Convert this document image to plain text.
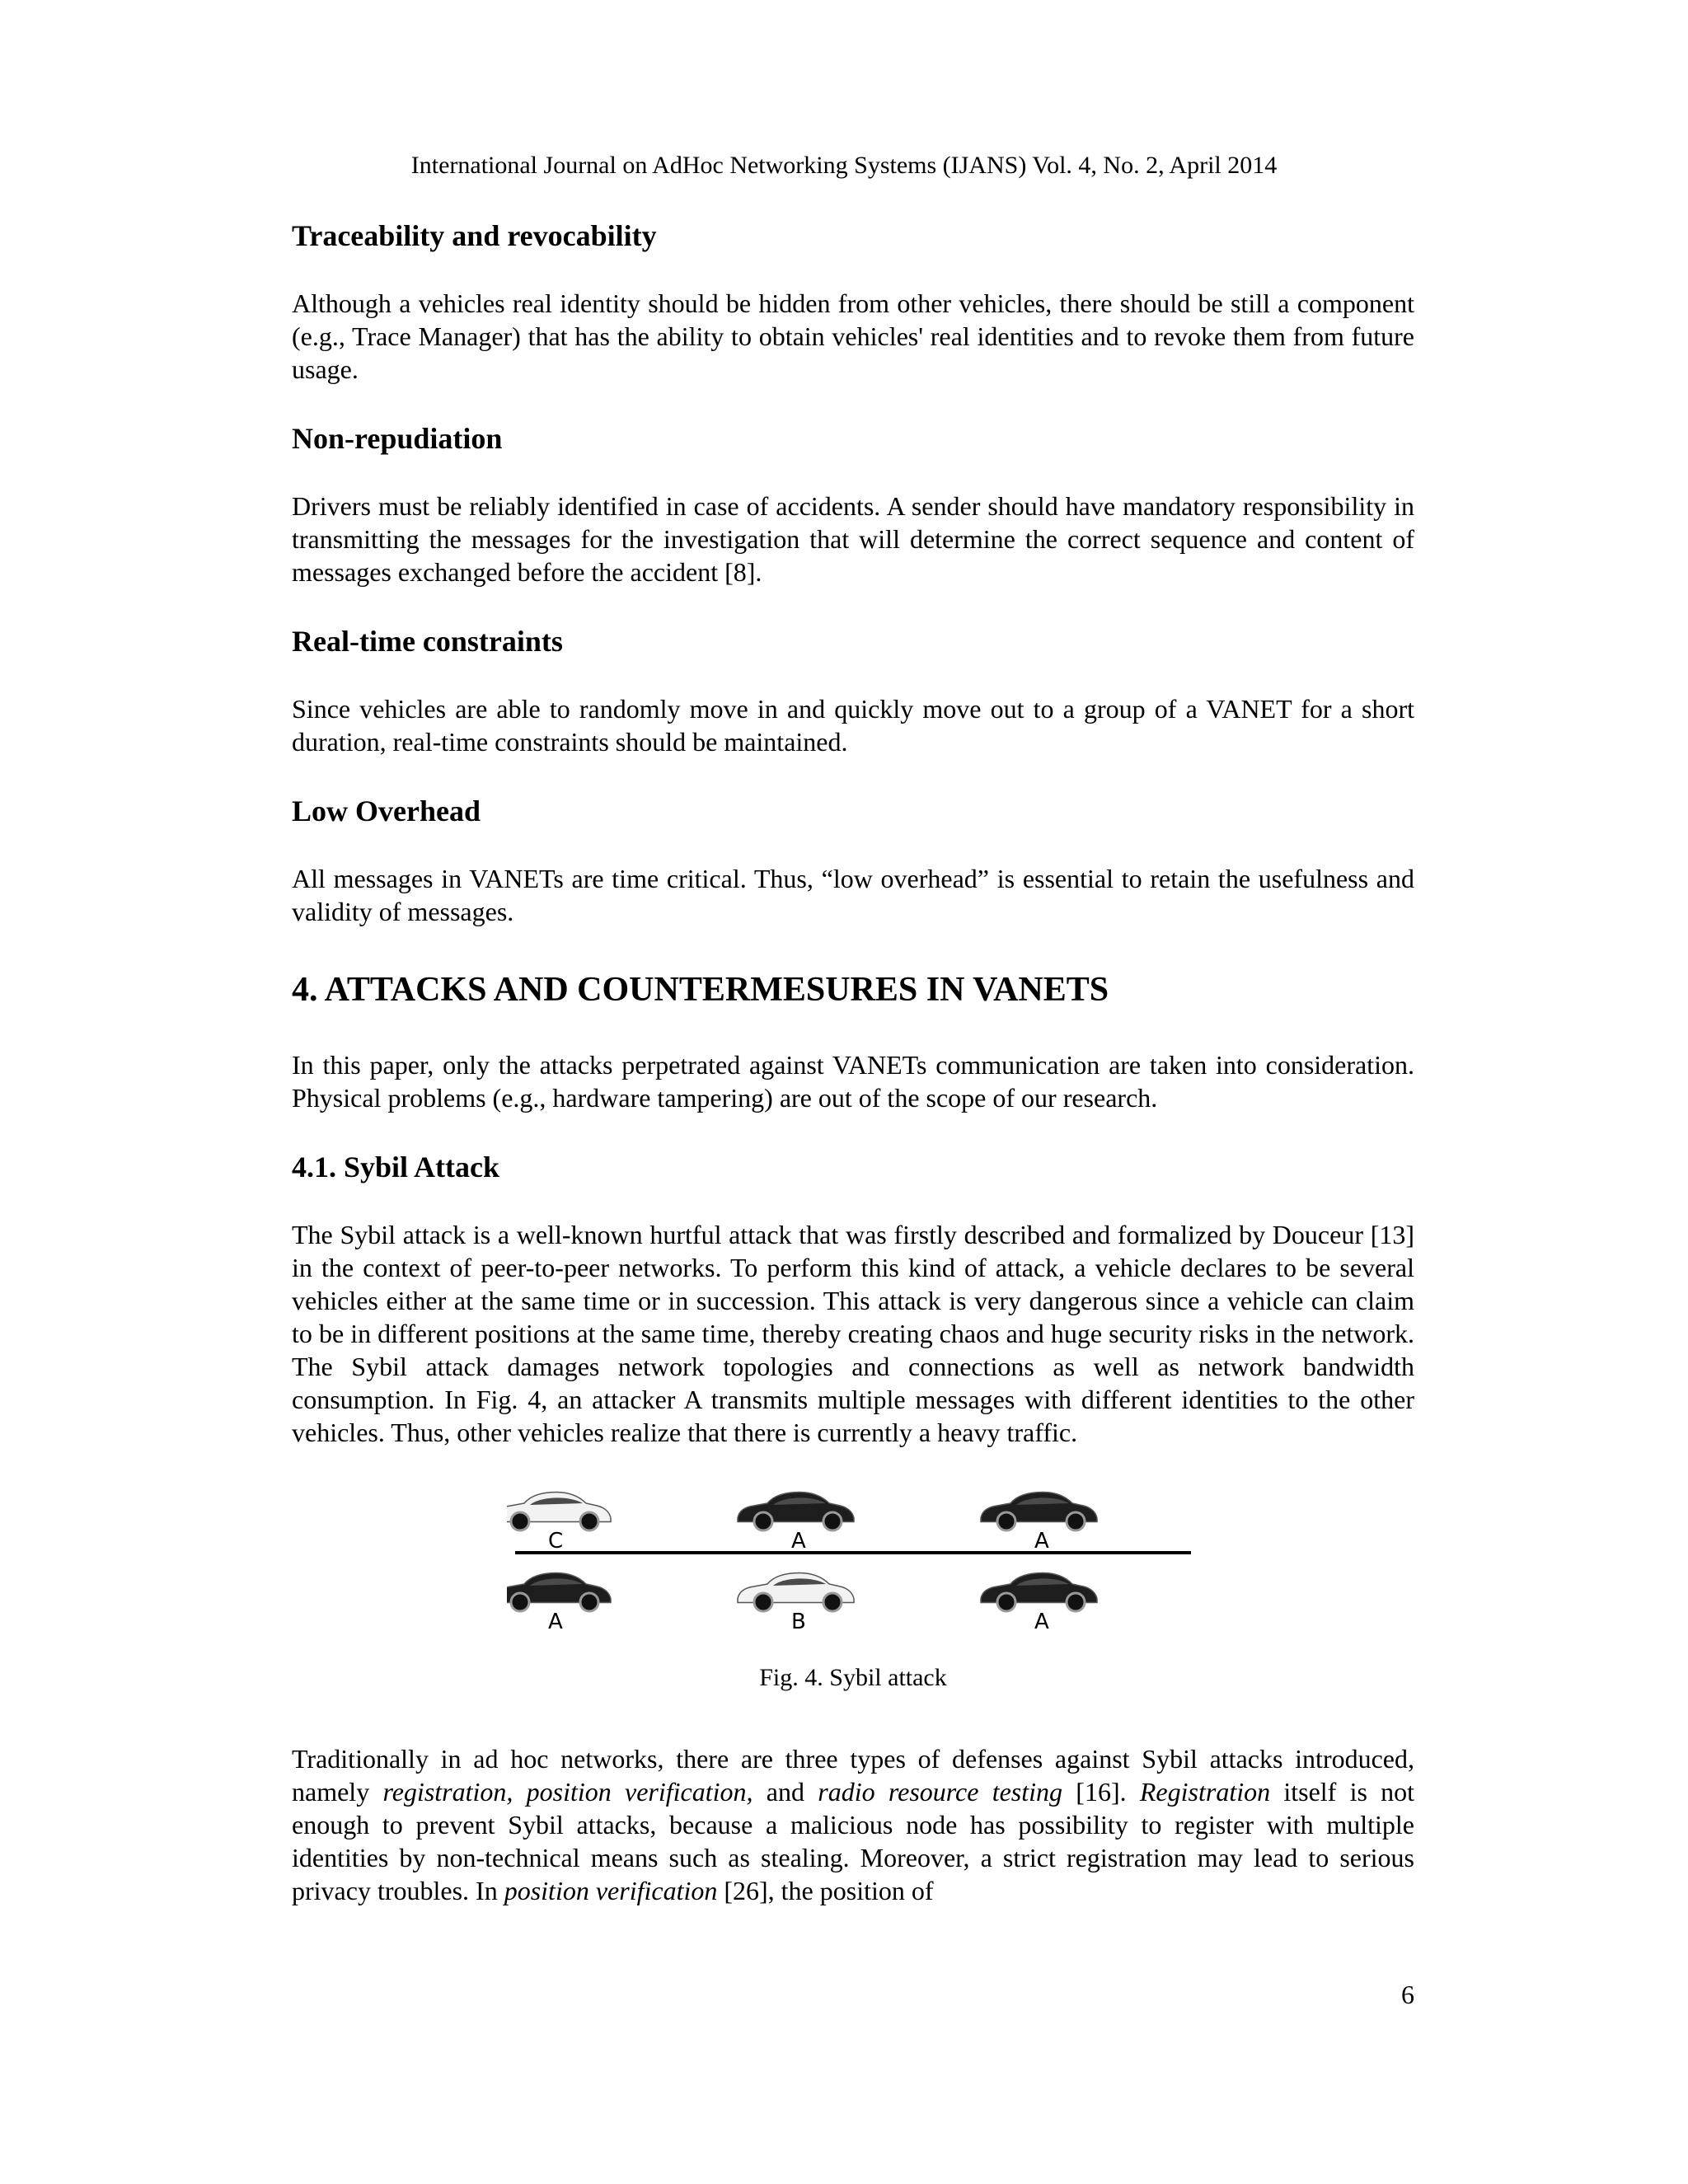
International Journal on AdHoc Networking Systems (IJANS) Vol. 4, No. 2, April 2014
Traceability and revocability

Although a vehicles real identity should be hidden from other vehicles, there should be still a component (e.g., Trace Manager) that has the ability to obtain vehicles' real identities and to revoke them from future usage.

Non-repudiation

Drivers must be reliably identified in case of accidents. A sender should have mandatory responsibility in transmitting the messages for the investigation that will determine the correct sequence and content of messages exchanged before the accident [8].

Real-time constraints

Since vehicles are able to randomly move in and quickly move out to a group of a VANET for a short duration, real-time constraints should be maintained.

Low Overhead

All messages in VANETs are time critical. Thus, “low overhead” is essential to retain the usefulness and validity of messages.

4. ATTACKS AND COUNTERMESURES IN VANETS

In this paper, only the attacks perpetrated against VANETs communication are taken into consideration. Physical problems (e.g., hardware tampering) are out of the scope of our research.

4.1. Sybil Attack

The Sybil attack is a well-known hurtful attack that was firstly described and formalized by Douceur [13] in the context of peer-to-peer networks. To perform this kind of attack, a vehicle declares to be several vehicles either at the same time or in succession. This attack is very dangerous since a vehicle can claim to be in different positions at the same time, thereby creating chaos and huge security risks in the network. The Sybil attack damages network topologies and connections as well as network bandwidth consumption. In Fig. 4, an attacker A transmits multiple messages with different identities to the other vehicles. Thus, other vehicles realize that there is currently a heavy traffic.

C	A	A
A	B	A
Fig. 4. Sybil attack

Traditionally in ad hoc networks, there are three types of defenses against Sybil attacks introduced, namely registration, position verification, and radio resource testing [16]. Registration itself is not enough to prevent Sybil attacks, because a malicious node has possibility to register with multiple identities by non-technical means such as stealing. Moreover, a strict registration may lead to serious privacy troubles. In position verification [26], the position of

6
